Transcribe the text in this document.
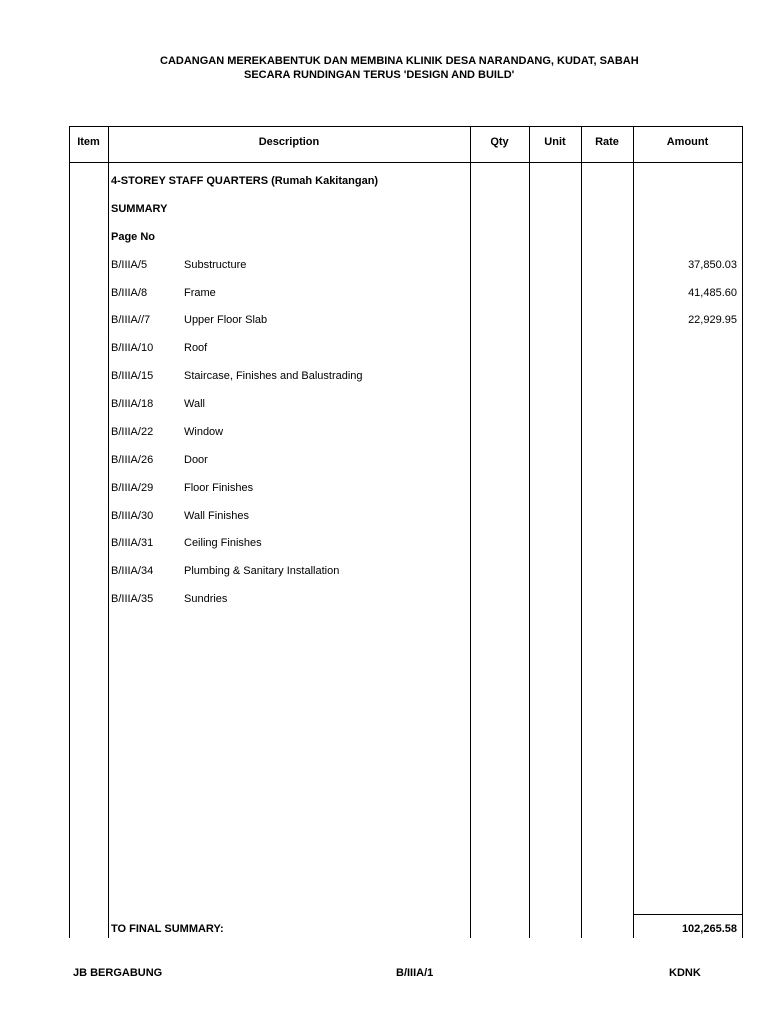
CADANGAN MEREKABENTUK DAN MEMBINA KLINIK DESA NARANDANG, KUDAT, SABAH
SECARA RUNDINGAN TERUS 'DESIGN AND BUILD'
Item	Description	Qty	Unit	Rate	Amount
4-STOREY STAFF QUARTERS (Rumah Kakitangan)
SUMMARY
Page No
B/IIIA/5	Substructure	37,850.03
B/IIIA/8	Frame	41,485.60
B/IIIA//7	Upper Floor Slab	22,929.95
B/IIIA/10	Roof
B/IIIA/15	Staircase, Finishes and Balustrading
B/IIIA/18	Wall
B/IIIA/22	Window
B/IIIA/26	Door
B/IIIA/29	Floor Finishes
B/IIIA/30	Wall Finishes
B/IIIA/31	Ceiling Finishes
B/IIIA/34	Plumbing & Sanitary Installation
B/IIIA/35	Sundries
TO FINAL SUMMARY:	102,265.58
JB BERGABUNG	B/IIIA/1	KDNK
